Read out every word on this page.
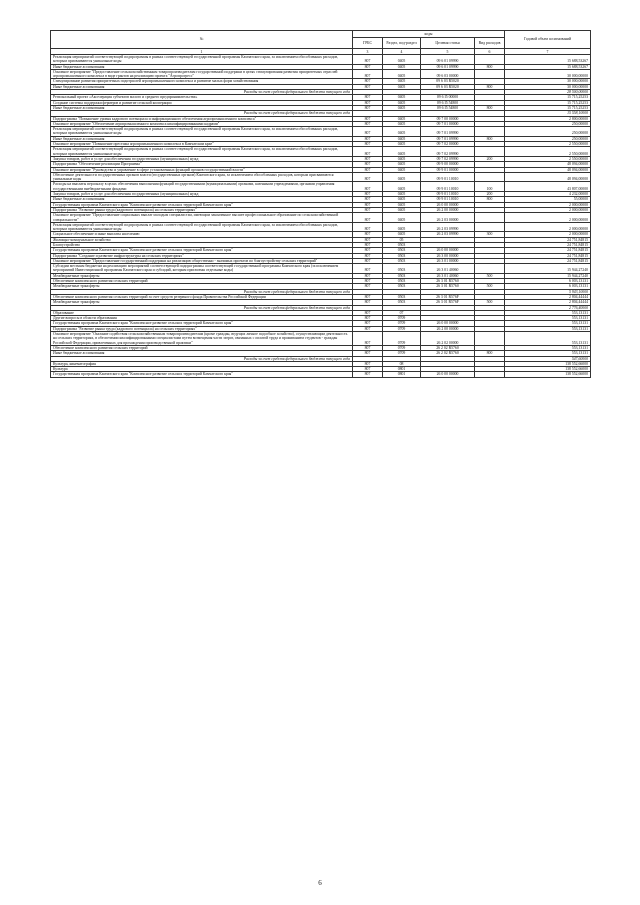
№	коды				Годовой объем ассигнований
	ГРБС	Раздел, под-раздел	Целевая статья	Вид расходов	
1	3	4	5	6	7
Реализация мероприятий соответствующей подпрограммы в рамках соответствующей государственной программы Камчатского края, за исключением обособленных расходов, которым присваиваются уникальные коды	807	0405	09 6 01 09990		15 688,53267
Иные бюджетные ассигнования	807	0405	09 6 01 09990	800	15 688,53267
Основное мероприятие "Предоставление сельскохозяйственным товаропроизводителям государственной поддержки в целях стимулирования развития приоритетных отраслей агропромышленного комплекса в виде грантов на реализацию проекта "Агропрогресс"	807	0405	09 6 03 00000		30 000,00000
Стимулирование развития приоритетных подотраслей агропромышленного комплекса и развитие малых форм хозяйствования	807	0405	09 6 03 R5020		30 000,00000
Иные бюджетные ассигнования	807	0405	09 6 03 R5020	800	30 000,00000
Расходы за счет средств федерального бюджета текущего года					28 500,00000
Региональный проект «Акселерация субъектов малого и среднего предпринимательства»	807	0405	09 6 I5 00000		15 715,25253
Создание системы поддержки фермеров и развитие сельской кооперации	807	0405	09 6 I5 54800		15 715,25253
Иные бюджетные ассигнования	807	0405	09 6 I5 54800	800	15 715,25253
Расходы за счет средств федерального бюджета текущего года					15 558,10000
Подпрограмма "Повышение уровня кадрового потенциала и информационного обеспечения агропромышленного комплекса"	807	0405	09 7 00 00000		2 800,00000
Основное мероприятие "Обеспечение агропромышленного комплекса квалифицированными кадрами"	807	0405	09 7 01 00000		250,00000
Реализация мероприятий соответствующей подпрограммы в рамках соответствующей государственной программы Камчатского края, за исключением обособленных расходов, которым присваиваются уникальные коды	807	0405	09 7 01 09990		250,00000
Иные бюджетные ассигнования	807	0405	09 7 01 09990	800	250,00000
Основное мероприятие "Повышение престижа агропромышленного комплекса в Камчатском крае"	807	0405	09 7 02 00000		2 550,00000
Реализация мероприятий соответствующей подпрограммы в рамках соответствующей государственной программы Камчатского края, за исключением обособленных расходов, которым присваиваются уникальные коды	807	0405	09 7 02 09990		2 550,00000
Закупка товаров, работ и услуг для обеспечения государственных (муниципальных) нужд	807	0405	09 7 02 09990	200	2 550,00000
Подпрограмма "Обеспечение реализации Программы"	807	0405	09 9 00 00000		48 094,00000
Основное мероприятие "Руководство и управление в сфере установленных функций органов государственной власти"	807	0405	09 9 01 00000		48 094,00000
Обеспечение деятельности государственных органов власти (государственных органов) Камчатского края, за исключением обособленных расходов, которым присваиваются уникальные коды	807	0405	09 9 01 10010		48 094,00000
Расходы на выплаты персоналу в целях обеспечения выполнения функций государственными (муниципальными) органами, казенными учреждениями, органами управления государственными внебюджетными фондами	807	0405	09 9 01 10010	100	43 807,00000
Закупка товаров, работ и услуг для обеспечения государственных (муниципальных) нужд	807	0405	09 9 01 10010	200	4 232,00000
Иные бюджетные ассигнования	807	0405	09 9 01 10010	800	55,00000
Государственная программа Камчатского края "Комплексное развитие сельских территорий Камчатского края"	807	0405	26 0 00 00000		2 000,00000
Подпрограмма "Развитие рынка труда (кадрового потенциала) на сельских территориях"	807	0405	26 2 00 00000		2 000,00000
Основное мероприятие "Предоставление социальных выплат молодым специалистам, имеющим законченное высшее профессиональное образование по сельскохозяйственной специальности"	807	0405	26 2 03 00000		2 000,00000
Реализация мероприятий соответствующей подпрограммы в рамках соответствующей государственной программы Камчатского края, за исключением обособленных расходов, которым присваиваются уникальные коды	807	0405	26 2 03 09990		2 000,00000
Социальное обеспечение и иные выплаты населению	807	0405	26 2 03 09990	300	2 000,00000
Жилищно-коммунальное хозяйство	807	05			24 751,84815
Благоустройство	807	0503			24 751,84815
Государственная программа Камчатского края "Комплексное развитие сельских территорий Камчатского края"	807	0503	26 0 00 00000		24 751,84815
Подпрограмма "Создание и развитие инфраструктуры на сельских территориях"	807	0503	26 3 00 00000		24 751,84815
Основное мероприятие "Предоставление государственной поддержки на реализацию общественно - значимых проектов по благоустройству сельских территорий"	807	0503	26 3 01 00000		24 751,84815
Субсидии местным бюджетам на реализацию мероприятий соответствующей подпрограммы соответствующей государственной программы Камчатского края (за исключением мероприятий Инвестиционной программы Камчатского края и субсидий, которым присвоены отдельные коды)	807	0503	26 3 01 40060		15 944,27240
Межбюджетные трансферты	807	0503	26 3 01 40060	500	15 944,27240
Обеспечение комплексного развития сельских территорий	807	0503	26 3 01 R5760		6 003,13131
Межбюджетные трансферты	807	0503	26 3 01 R5760	500	6 003,13131
Расходы за счет средств федерального бюджета текущего года					5 943,10000
Обеспечение комплексного развития сельских территорий за счет средств резервного фонда Правительства Российской Федерации	807	0503	26 3 01 R576F		2 804,44444
Межбюджетные трансферты	807	0503	26 3 01 R576F	500	2 804,44444
Расходы за счет средств федерального бюджета текущего года					2 776,40000
Образование	807	07			553,13131
Другие вопросы в области образования	807	0709			553,13131
Государственная программа Камчатского края "Комплексное развитие сельских территорий Камчатского края"	807	0709	26 0 00 00000		553,13131
Подпрограмма "Развитие рынка труда (кадрового потенциала) на сельских территориях"	807	0709	26 2 00 00000		553,13131
Основное мероприятие "Оказание содействия сельскохозяйственным товаропроизводителям (кроме граждан, ведущих личное подсобное хозяйство), осуществляющим деятельность на сельских территориях, в обеспечении квалифицированными специалистами путем возмещения части затрат, связанных с оплатой труда и проживанием студентов - граждан Российской Федерации, привлеченных для прохождения производственной практики"	807	0709	26 2 02 00000		553,13131
Обеспечение комплексного развития сельских территорий	807	0709	26 2 02 R5760		553,13131
Иные бюджетные ассигнования	807	0709	26 2 02 R5760	800	553,13131
Расходы за счет средств федерального бюджета текущего года					547,60000
Культура, кинематография	807	08			138 552,66000
Культура	807	0801			138 552,66000
Государственная программа Камчатского края "Комплексное развитие сельских территорий Камчатского края"	807	0801	26 0 00 00000		138 552,66000
6
